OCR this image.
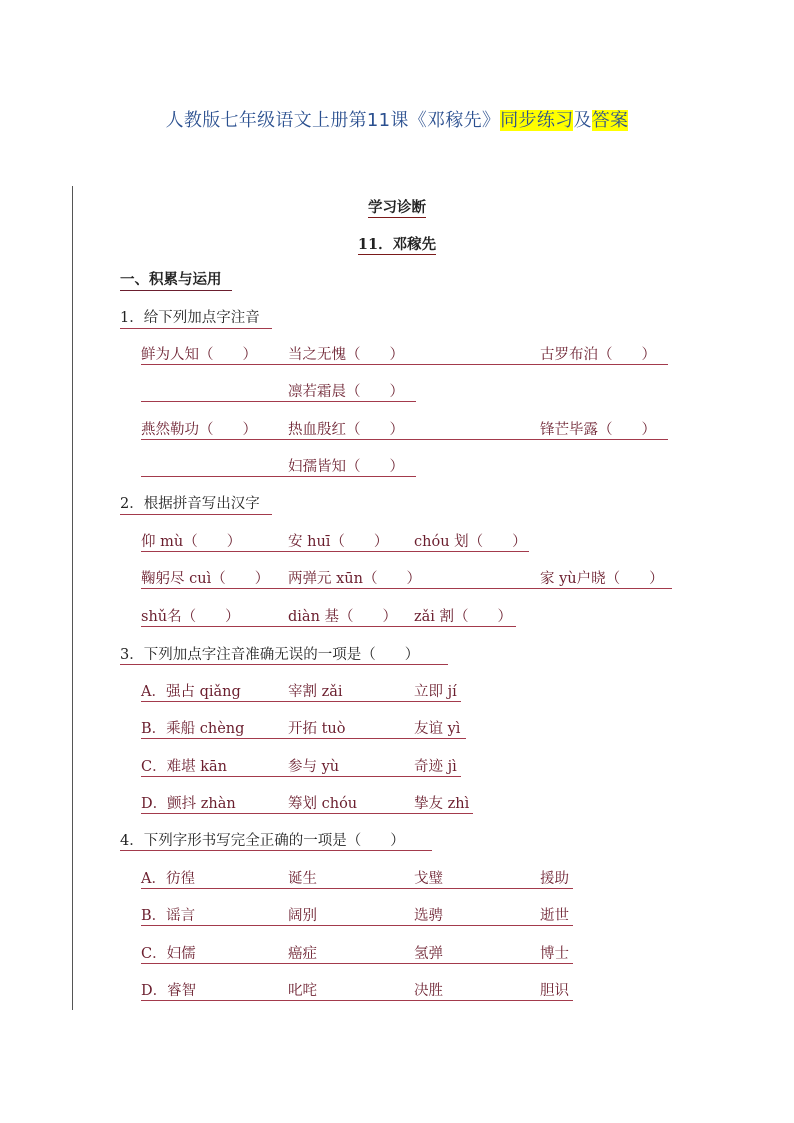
人教版七年级语文上册第11课《邓稼先》同步练习及答案
学习诊断
11．邓稼先
一、积累与运用
1．给下列加点字注音
鲜为人知（　　） 当之无愧（　　）	古罗布泊（　　）
凛若霜晨（　　）
燕然勒功（　　） 热血殷红（　　）	锋芒毕露（　　）
妇孺皆知（　　）
2．根据拼音写出汉字
仰 mù（　　）	安 huī（　　） chóu 划（　　）
鞠躬尽 cuì（　　） 两弹元 xūn（　　）	家 yù户晓（　　）
shǔ名（　　）	diàn 基（　　） zǎi 割（　　）
3．下列加点字注音准确无误的一项是（　　）
A．强占 qiǎng	宰割 zǎi	立即 jí
B．乘船 chèng	开拓 tuò	友谊 yì
C．难堪 kān	参与 yù	奇迹 jì
D．颤抖 zhàn	筹划 chóu	挚友 zhì
4．下列字形书写完全正确的一项是（　　）
A．彷徨	诞生	戈璧	援助
B．谣言	阔别	选骋	逝世
C．妇儒	癌症	氢弹	博士
D．睿智	叱咤	决胜	胆识
